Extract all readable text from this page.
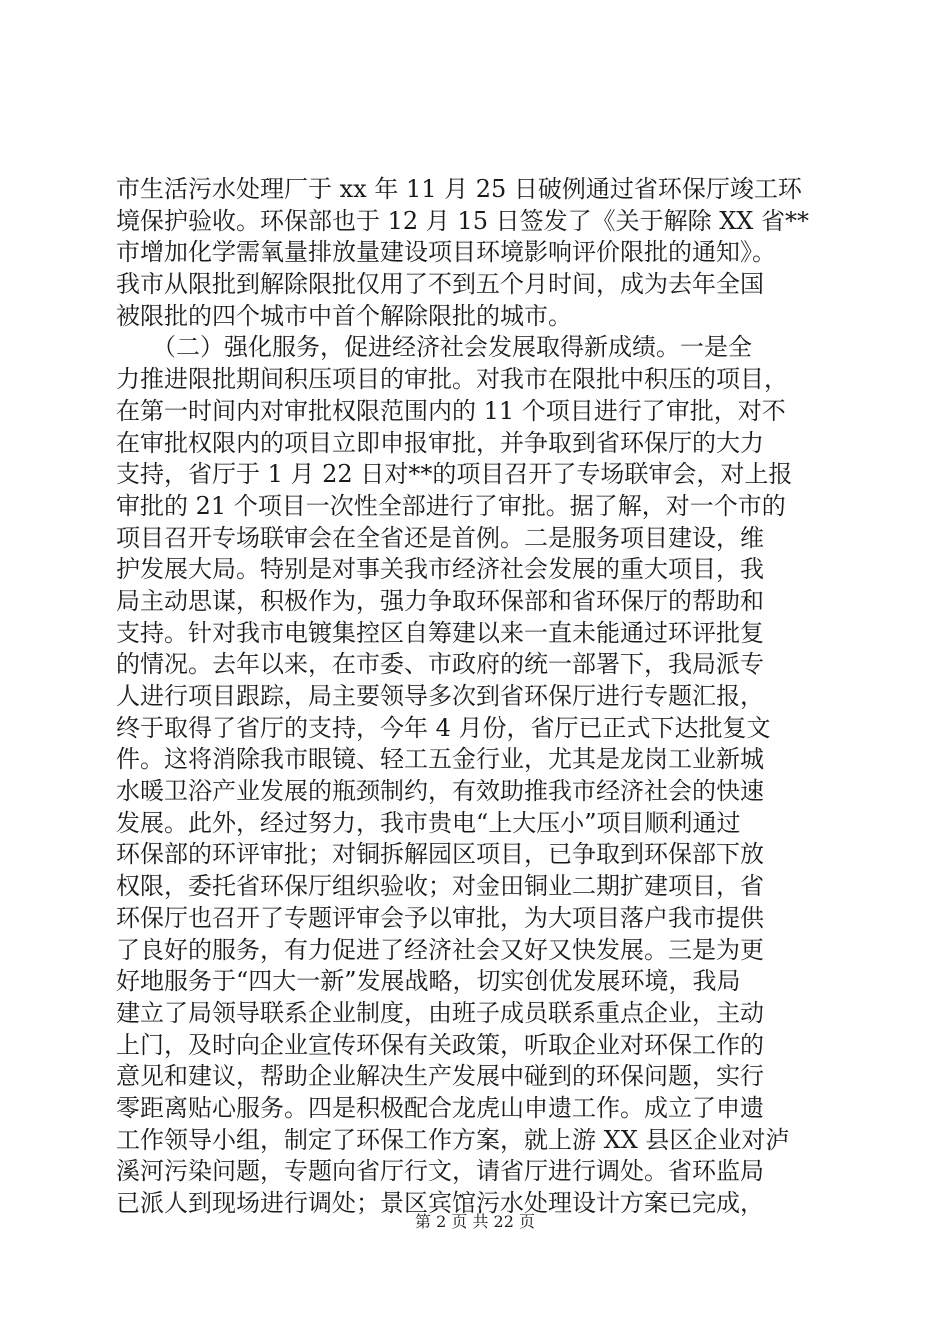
市生活污水处理厂于 xx 年 11 月 25 日破例通过省环保厅竣工环
境保护验收。环保部也于 12 月 15 日签发了《关于解除 XX 省**
市增加化学需氧量排放量建设项目环境影响评价限批的通知》。
我市从限批到解除限批仅用了不到五个月时间，成为去年全国
被限批的四个城市中首个解除限批的城市。
　　（二）强化服务，促进经济社会发展取得新成绩。一是全
力推进限批期间积压项目的审批。对我市在限批中积压的项目，
在第一时间内对审批权限范围内的 11 个项目进行了审批，对不
在审批权限内的项目立即申报审批，并争取到省环保厅的大力
支持，省厅于 1 月 22 日对**的项目召开了专场联审会，对上报
审批的 21 个项目一次性全部进行了审批。据了解，对一个市的
项目召开专场联审会在全省还是首例。二是服务项目建设，维
护发展大局。特别是对事关我市经济社会发展的重大项目，我
局主动思谋，积极作为，强力争取环保部和省环保厅的帮助和
支持。针对我市电镀集控区自筹建以来一直未能通过环评批复
的情况。去年以来，在市委、市政府的统一部署下，我局派专
人进行项目跟踪，局主要领导多次到省环保厅进行专题汇报，
终于取得了省厅的支持，今年 4 月份，省厅已正式下达批复文
件。这将消除我市眼镜、轻工五金行业，尤其是龙岗工业新城
水暖卫浴产业发展的瓶颈制约，有效助推我市经济社会的快速
发展。此外，经过努力，我市贵电“上大压小”项目顺利通过
环保部的环评审批；对铜拆解园区项目，已争取到环保部下放
权限，委托省环保厅组织验收；对金田铜业二期扩建项目，省
环保厅也召开了专题评审会予以审批，为大项目落户我市提供
了良好的服务，有力促进了经济社会又好又快发展。三是为更
好地服务于“四大一新”发展战略，切实创优发展环境，我局
建立了局领导联系企业制度，由班子成员联系重点企业，主动
上门，及时向企业宣传环保有关政策，听取企业对环保工作的
意见和建议，帮助企业解决生产发展中碰到的环保问题，实行
零距离贴心服务。四是积极配合龙虎山申遗工作。成立了申遗
工作领导小组，制定了环保工作方案，就上游 XX 县区企业对泸
溪河污染问题，专题向省厅行文，请省厅进行调处。省环监局
已派人到现场进行调处；景区宾馆污水处理设计方案已完成，
第 2 页 共 22 页
